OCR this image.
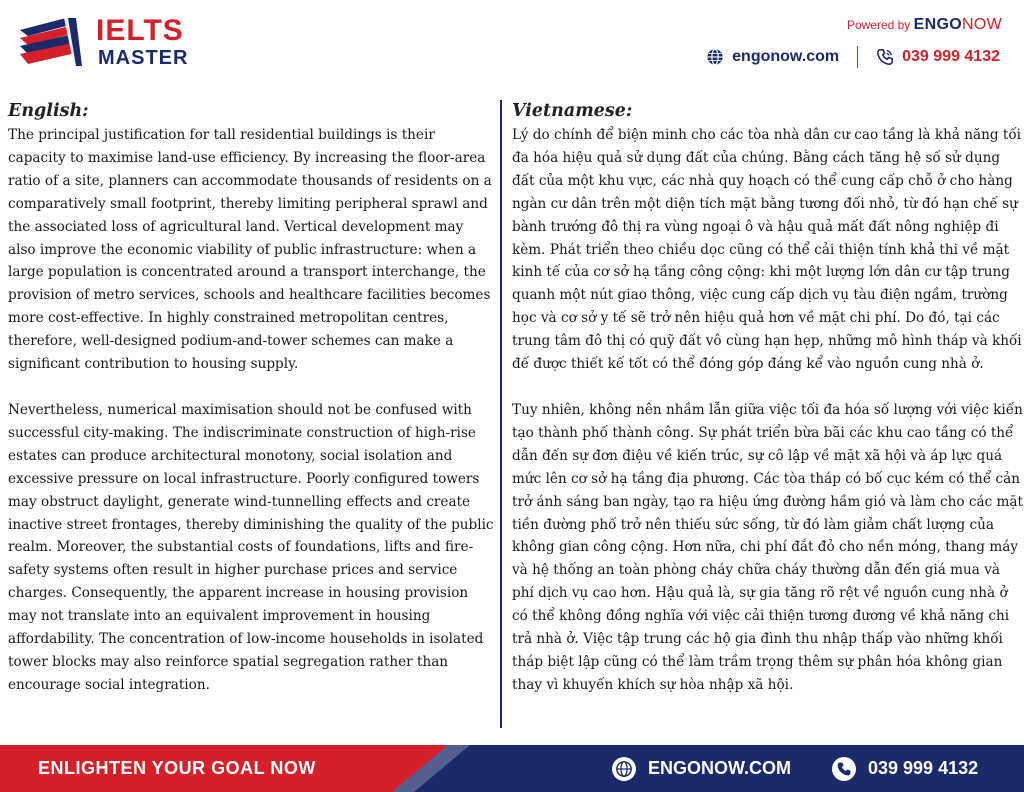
IELTS
MASTER
Powered by ENGONOW
engonow.com	039 999 4132
English:

The principal justification for tall residential buildings is their capacity to maximise land-use efficiency. By increasing the floor-area ratio of a site, planners can accommodate thousands of residents on a comparatively small footprint, thereby limiting peripheral sprawl and the associated loss of agricultural land. Vertical development may also improve the economic viability of public infrastructure: when a large population is concentrated around a transport interchange, the provision of metro services, schools and healthcare facilities becomes more cost-effective. In highly constrained metropolitan centres, therefore, well-designed podium-and-tower schemes can make a significant contribution to housing supply.

Nevertheless, numerical maximisation should not be confused with successful city-making. The indiscriminate construction of high-rise estates can produce architectural monotony, social isolation and excessive pressure on local infrastructure. Poorly configured towers may obstruct daylight, generate wind-tunnelling effects and create inactive street frontages, thereby diminishing the quality of the public realm. Moreover, the substantial costs of foundations, lifts and fire-safety systems often result in higher purchase prices and service charges. Consequently, the apparent increase in housing provision may not translate into an equivalent improvement in housing affordability. The concentration of low-income households in isolated tower blocks may also reinforce spatial segregation rather than encourage social integration.

Vietnamese:

Lý do chính để biện minh cho các tòa nhà dân cư cao tầng là khả năng tối đa hóa hiệu quả sử dụng đất của chúng. Bằng cách tăng hệ số sử dụng đất của một khu vực, các nhà quy hoạch có thể cung cấp chỗ ở cho hàng ngàn cư dân trên một diện tích mặt bằng tương đối nhỏ, từ đó hạn chế sự bành trướng đô thị ra vùng ngoại ô và hậu quả mất đất nông nghiệp đi kèm. Phát triển theo chiều dọc cũng có thể cải thiện tính khả thi về mặt kinh tế của cơ sở hạ tầng công cộng: khi một lượng lớn dân cư tập trung quanh một nút giao thông, việc cung cấp dịch vụ tàu điện ngầm, trường học và cơ sở y tế sẽ trở nên hiệu quả hơn về mặt chi phí. Do đó, tại các trung tâm đô thị có quỹ đất vô cùng hạn hẹp, những mô hình tháp và khối đế được thiết kế tốt có thể đóng góp đáng kể vào nguồn cung nhà ở.

Tuy nhiên, không nên nhầm lẫn giữa việc tối đa hóa số lượng với việc kiến tạo thành phố thành công. Sự phát triển bừa bãi các khu cao tầng có thể dẫn đến sự đơn điệu về kiến trúc, sự cô lập về mặt xã hội và áp lực quá mức lên cơ sở hạ tầng địa phương. Các tòa tháp có bố cục kém có thể cản trở ánh sáng ban ngày, tạo ra hiệu ứng đường hầm gió và làm cho các mặt tiền đường phố trở nên thiếu sức sống, từ đó làm giảm chất lượng của không gian công cộng. Hơn nữa, chi phí đắt đỏ cho nền móng, thang máy và hệ thống an toàn phòng cháy chữa cháy thường dẫn đến giá mua và phí dịch vụ cao hơn. Hậu quả là, sự gia tăng rõ rệt về nguồn cung nhà ở có thể không đồng nghĩa với việc cải thiện tương đương về khả năng chi trả nhà ở. Việc tập trung các hộ gia đình thu nhập thấp vào những khối tháp biệt lập cũng có thể làm trầm trọng thêm sự phân hóa không gian thay vì khuyến khích sự hòa nhập xã hội.

ENLIGHTEN YOUR GOAL NOW	ENGONOW.COM	039 999 4132
